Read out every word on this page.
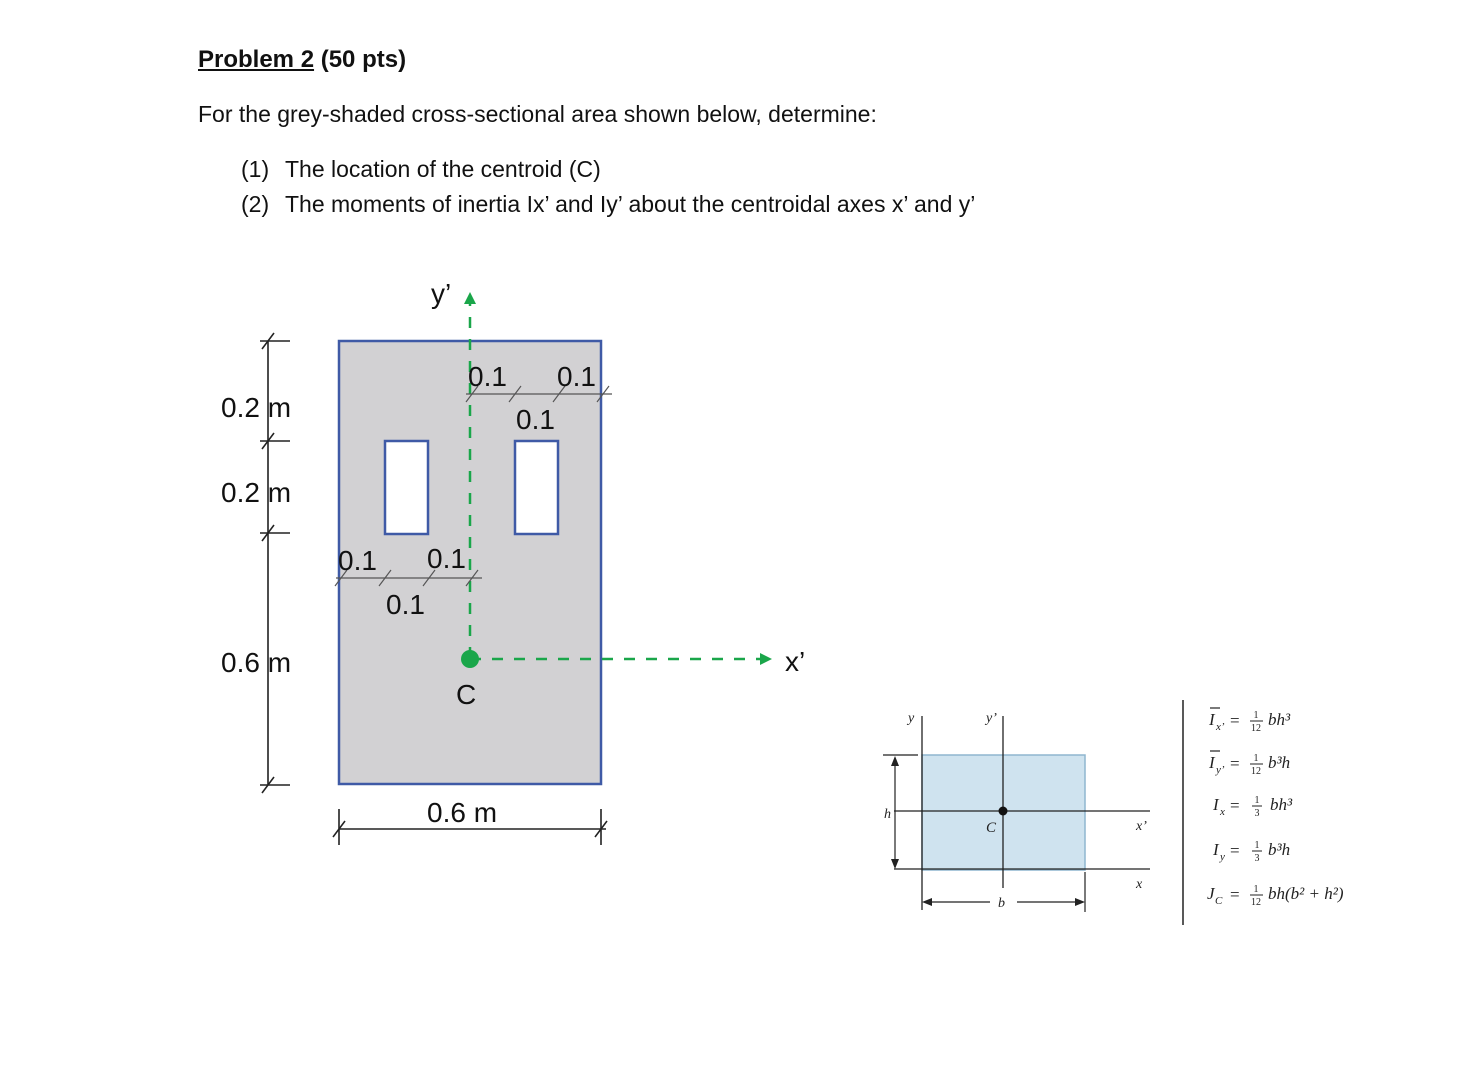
Problem 2 (50 pts)
For the grey-shaded cross-sectional area shown below, determine:
(1) The location of the centroid (C)
(2) The moments of inertia Ix’ and Iy’ about the centroidal axes x’ and y’
y’
x’
C
0.2 m
0.2 m
0.6 m
0.1 0.1
0.1
0.1 0.1
0.1
0.6 m
y	y’
h
C	x’
x
b
I x’ = 1
12 bh³
I y’ = 1
12 b³h
I x = 1
3 bh³
I y = 1
3 b³h
J C = 1
12 bh(b² + h²)
